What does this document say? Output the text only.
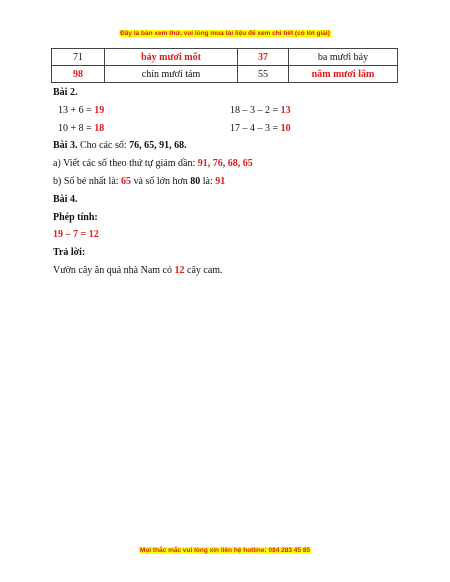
Đây là bản xem thử, vui lòng mua tài liệu để xem chi tiết (có lời giải)
71	bảy mươi mốt	37	ba mươi bảy
98	chín mươi tám	55	năm mươi lăm
Bài 2.
13 + 6 = 19	18 – 3 – 2 = 13
10 + 8 = 18	17 – 4 – 3 = 10
Bài 3. Cho các số: 76, 65, 91, 68.
a) Viết các số theo thứ tự giảm dần: 91, 76, 68, 65
b) Số bé nhất là: 65 và số lớn hơn 80 là: 91
Bài 4.
Phép tính:
19 – 7 = 12
Trả lời:
Vườn cây ăn quả nhà Nam có 12 cây cam.
Mọi thắc mắc vui lòng xin liên hệ hotline: 084 283 45 85
